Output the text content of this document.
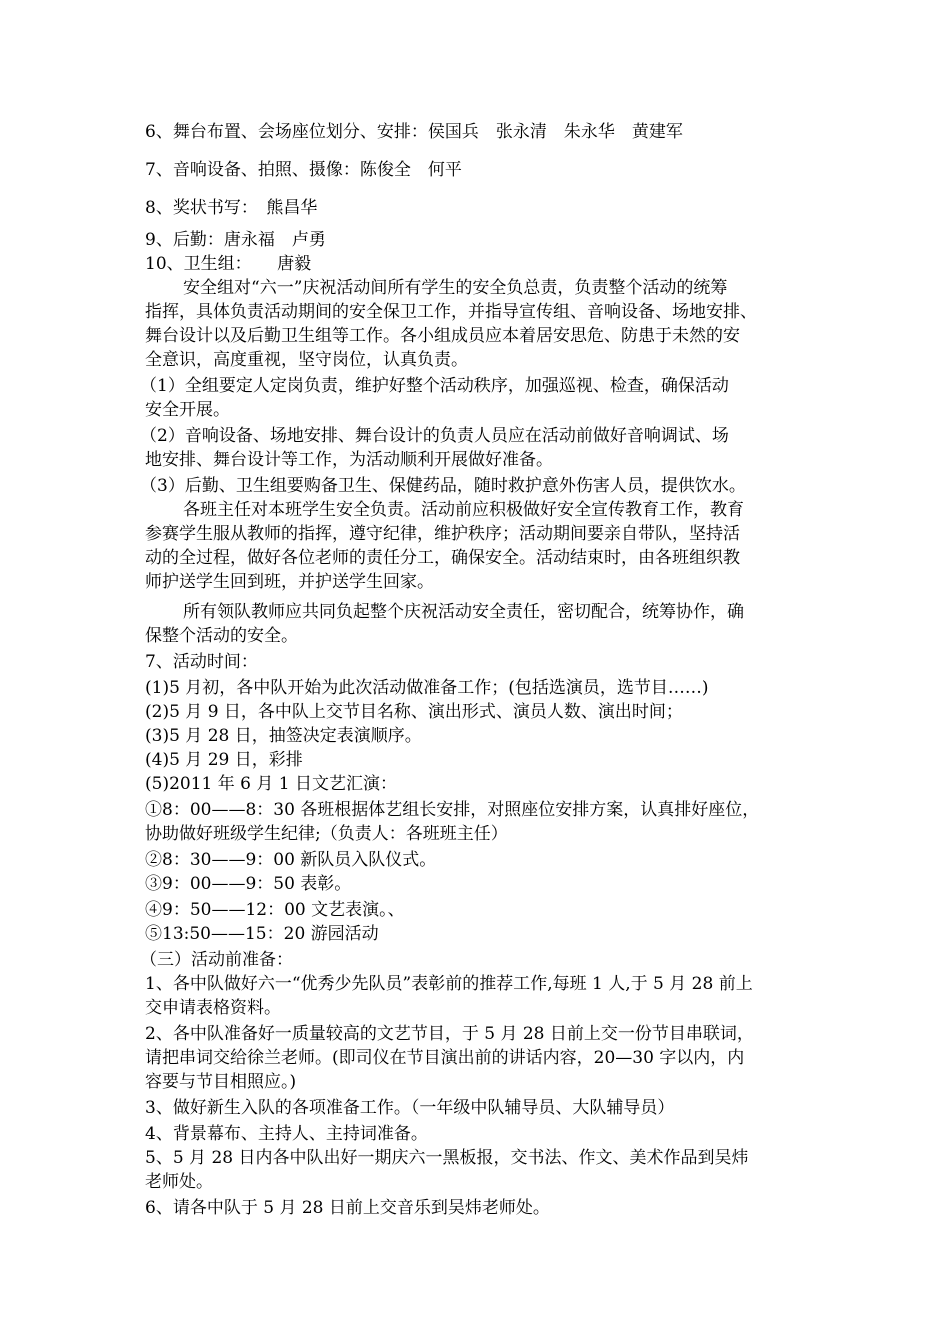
6、舞台布置、会场座位划分、安排：侯国兵　张永清　朱永华　黄建军
7、音响设备、拍照、摄像：陈俊全　何平
8、奖状书写：　熊昌华
9、后勤：唐永福　卢勇
10、卫生组：　　唐毅
安全组对“六一”庆祝活动间所有学生的安全负总责，负责整个活动的统筹
指挥，具体负责活动期间的安全保卫工作，并指导宣传组、音响设备、场地安排、
舞台设计以及后勤卫生组等工作。各小组成员应本着居安思危、防患于未然的安
全意识，高度重视，坚守岗位，认真负责。
（1）全组要定人定岗负责，维护好整个活动秩序，加强巡视、检查，确保活动
安全开展。
（2）音响设备、场地安排、舞台设计的负责人员应在活动前做好音响调试、场
地安排、舞台设计等工作，为活动顺利开展做好准备。
（3）后勤、卫生组要购备卫生、保健药品，随时救护意外伤害人员，提供饮水。
各班主任对本班学生安全负责。活动前应积极做好安全宣传教育工作，教育
参赛学生服从教师的指挥，遵守纪律，维护秩序；活动期间要亲自带队，坚持活
动的全过程，做好各位老师的责任分工，确保安全。活动结束时，由各班组织教
师护送学生回到班，并护送学生回家。
所有领队教师应共同负起整个庆祝活动安全责任，密切配合，统筹协作，确
保整个活动的安全。
7、活动时间：
(1)5 月初，各中队开始为此次活动做准备工作；(包括选演员，选节目……)
(2)5 月 9 日，各中队上交节目名称、演出形式、演员人数、演出时间；
(3)5 月 28 日，抽签决定表演顺序。
(4)5 月 29 日，彩排
(5)2011 年 6 月 1 日文艺汇演：
①8：00——8：30 各班根据体艺组长安排，对照座位安排方案，认真排好座位，
协助做好班级学生纪律;（负责人：各班班主任）
②8：30——9：00 新队员入队仪式。
③9：00——9：50 表彰。
④9：50——12：00 文艺表演。、
⑤13:50——15：20 游园活动
（三）活动前准备：
1、各中队做好六一“优秀少先队员”表彰前的推荐工作,每班 1 人,于 5 月 28 前上
交申请表格资料。
2、各中队准备好一质量较高的文艺节目，于 5 月 28 日前上交一份节目串联词，
请把串词交给徐兰老师。(即司仪在节目演出前的讲话内容，20—30 字以内，内
容要与节目相照应。)
3、做好新生入队的各项准备工作。（一年级中队辅导员、大队辅导员）
4、背景幕布、主持人、主持词准备。
5、5 月 28 日内各中队出好一期庆六一黑板报，交书法、作文、美术作品到吴炜
老师处。
6、请各中队于 5 月 28 日前上交音乐到吴炜老师处。
